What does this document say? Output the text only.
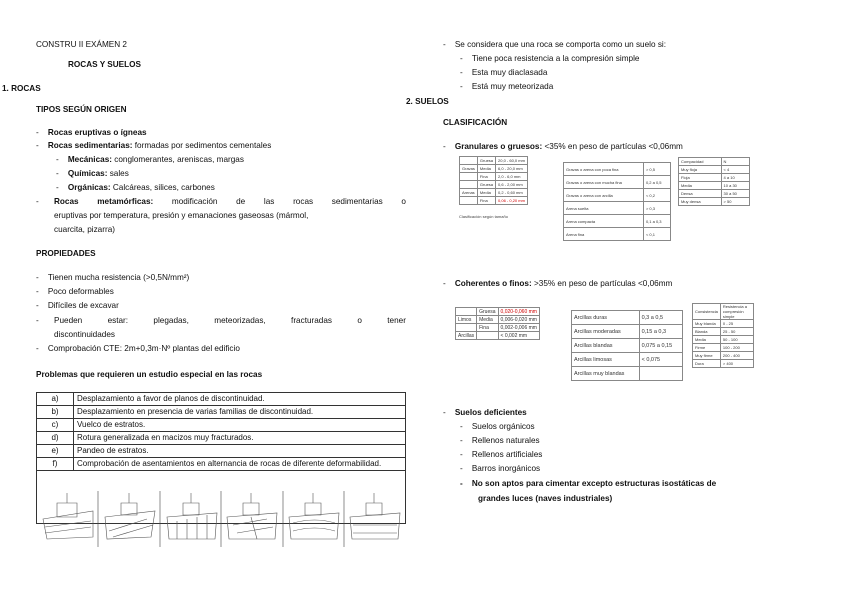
CONSTRU II EXÁMEN 2
ROCAS Y SUELOS
1. ROCAS
TIPOS SEGÚN ORIGEN
-    Rocas eruptivas o ígneas
-    Rocas sedimentarias: formadas por sedimentos cementales
-    Mecánicas: conglomerantes, areniscas, margas
-    Químicas: sales
-    Orgánicas: Calcáreas, silices, carbones
- Rocas metamórficas: modificación de las rocas sedimentarias o
eruptivas por temperatura, presión y emanaciones gaseosas (mármol,
cuarcita, pizarra)
PROPIEDADES
-    Tienen mucha resistencia (>0,5N/mm²)
-    Poco deformables
-    Difíciles de excavar
- Pueden	estar:	plegadas,	meteorizadas,	fracturadas	o	tener
discontinuidades
-    Comprobación CTE: 2m+0,3m·Nº plantas del edificio
Problemas que requieren un estudio especial en las rocas
a)	Desplazamiento a favor de planos de discontinuidad.
b)	Desplazamiento en presencia de varias familias de discontinuidad.
c)	Vuelco de estratos.
d)	Rotura generalizada en macizos muy fracturados.
e)	Pandeo de estratos.
f)	Comprobación de asentamientos en alternancia de rocas de diferente deformabilidad.

-    Se considera que una roca se comporta como un suelo si:
-    Tiene poca resistencia a la compresión simple
-    Esta muy diaclasada
-    Está muy meteorizada
2. SUELOS
CLASIFICACIÓN
-    Granulares o gruesos: <35% en peso de partículas <0,06mm
	Gruesa	20,0 - 60,0 mm
Gravas	Media	6,0 - 20,0 mm
	Fina	2,0 - 6,0 mm
	Gruesa	0,6 - 2,00 mm
Arenas	Media	0,2 - 0,60 mm
	Fina	0,06 - 0,20 mm
Clasificación según tamaño
Gravas o arena con poca fina	> 0,5
Gravas o arena con mucha fina	0,2 a 0,5
Gravas o arena con arcilla	< 0,2
Arena suelta	> 0,3
Arena compacta	0,1 a 0,3
Arena fina	< 0,1
Compacidad	N
Muy floja	< 4
Floja	4 a 10
Media	10 a 30
Densa	30 a 50
Muy densa	> 50
-    Coherentes o finos: >35% en peso de partículas <0,06mm
	Gruesa	0,020-0,060 mm
Limos	Media	0,006-0,020 mm
	Fina	0,002-0,006 mm
Arcillas		< 0,002 mm
Arcillas duras	0,3 a 0,5
Arcillas moderadas	0,15 a 0,3
Arcillas blandas	0,075 a 0,15
Arcillas limosas	< 0,075
Arcillas muy blandas	
Consistencia	Resistencia a compresión simple
Muy blanda	0 - 25
Blanda	25 - 50
Media	50 - 100
Firme	100 - 200
Muy firme	200 - 400
Dura	> 400
-    Suelos deficientes
-    Suelos orgánicos
-    Rellenos naturales
-    Rellenos artificiales
-    Barros inorgánicos
-    No son aptos para cimentar excepto estructuras isostáticas de
grandes luces (naves industriales)
